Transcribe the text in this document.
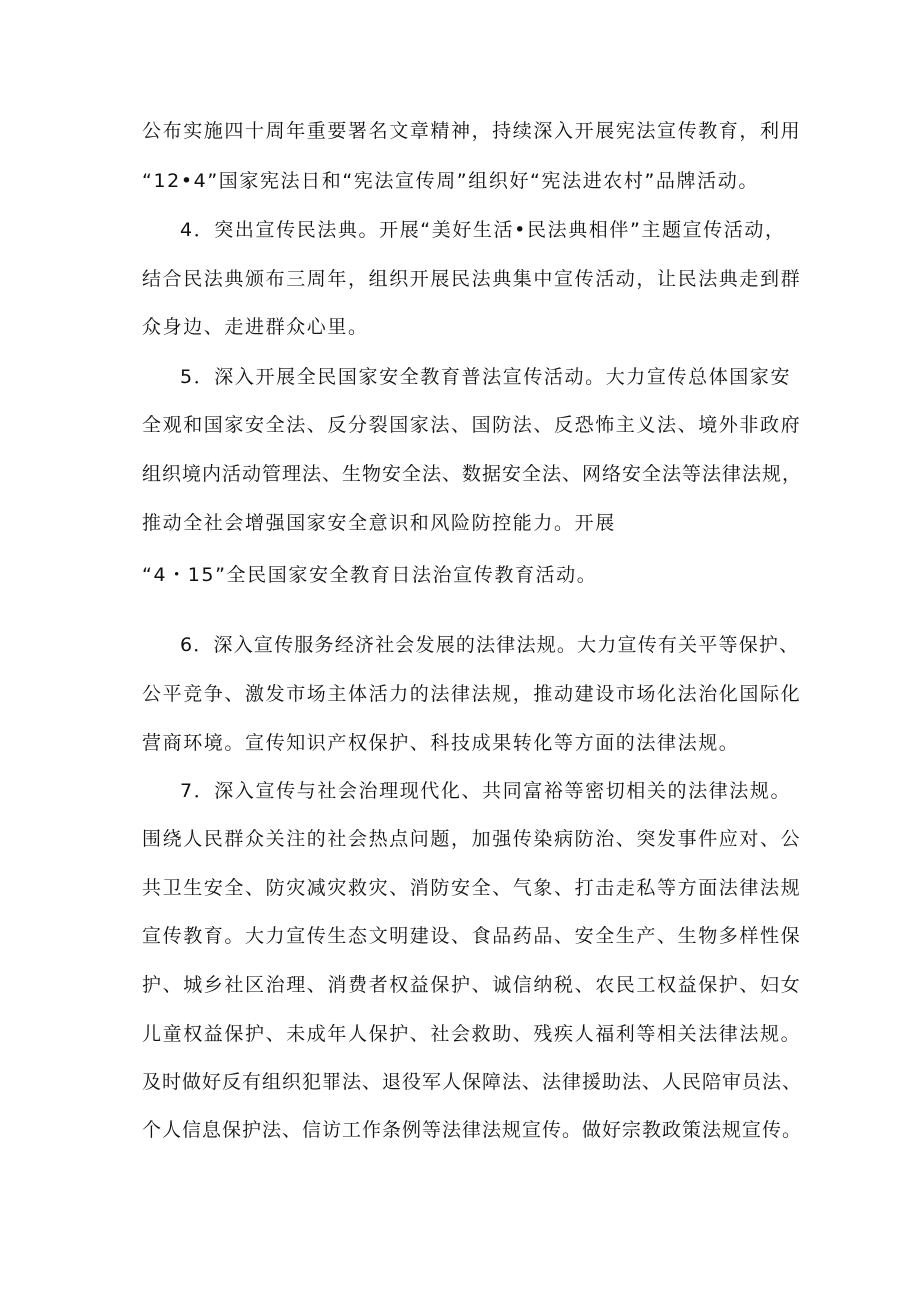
公布实施四十周年重要署名文章精神，持续深入开展宪法宣传教育，利用
“12•4”国家宪法日和“宪法宣传周”组织好“宪法进农村”品牌活动。
4．突出宣传民法典。开展“美好生活•民法典相伴”主题宣传活动，
结合民法典颁布三周年，组织开展民法典集中宣传活动，让民法典走到群
众身边、走进群众心里。
5．深入开展全民国家安全教育普法宣传活动。大力宣传总体国家安
全观和国家安全法、反分裂国家法、国防法、反恐怖主义法、境外非政府
组织境内活动管理法、生物安全法、数据安全法、网络安全法等法律法规，
推动全社会增强国家安全意识和风险防控能力。开展
“4・15”全民国家安全教育日法治宣传教育活动。
6．深入宣传服务经济社会发展的法律法规。大力宣传有关平等保护、
公平竞争、激发市场主体活力的法律法规，推动建设市场化法治化国际化
营商环境。宣传知识产权保护、科技成果转化等方面的法律法规。
7．深入宣传与社会治理现代化、共同富裕等密切相关的法律法规。
围绕人民群众关注的社会热点问题，加强传染病防治、突发事件应对、公
共卫生安全、防灾减灾救灾、消防安全、气象、打击走私等方面法律法规
宣传教育。大力宣传生态文明建设、食品药品、安全生产、生物多样性保
护、城乡社区治理、消费者权益保护、诚信纳税、农民工权益保护、妇女
儿童权益保护、未成年人保护、社会救助、残疾人福利等相关法律法规。
及时做好反有组织犯罪法、退役军人保障法、法律援助法、人民陪审员法、
个人信息保护法、信访工作条例等法律法规宣传。做好宗教政策法规宣传。
